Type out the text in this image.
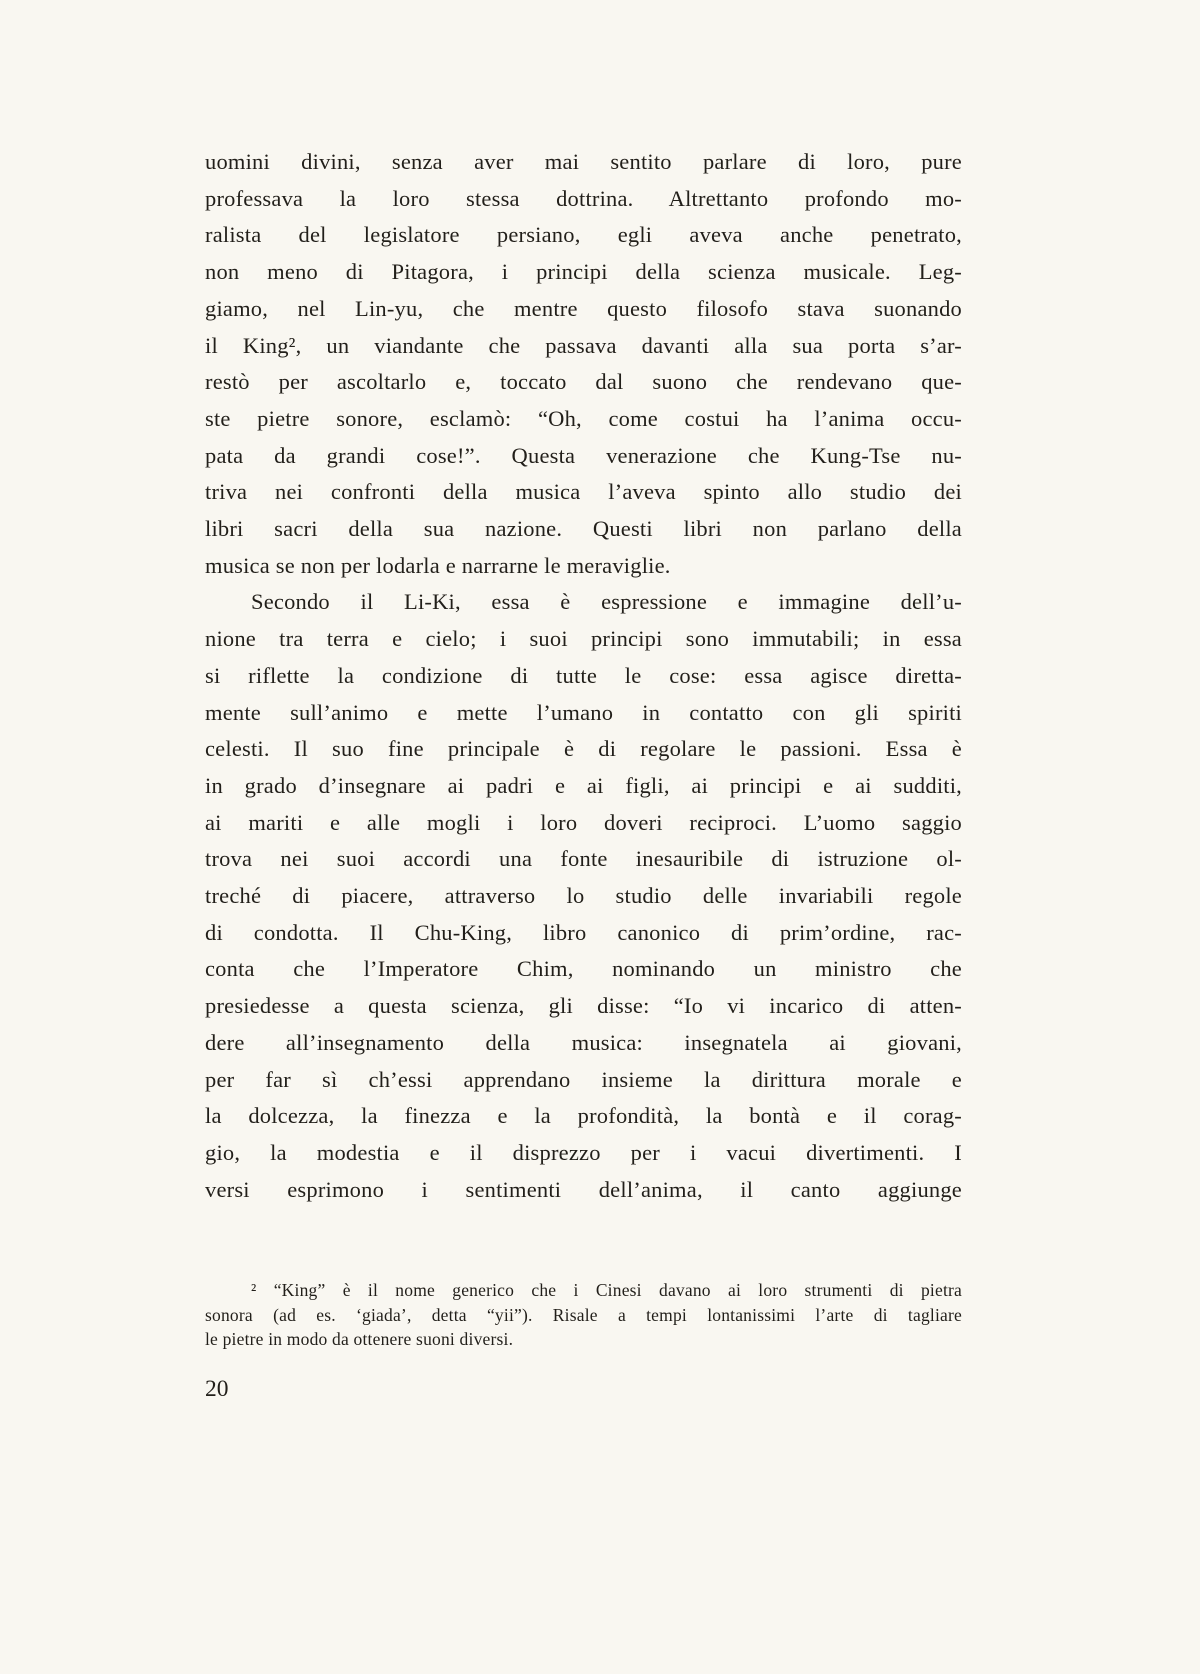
uomini divini, senza aver mai sentito parlare di loro, pure
professava la loro stessa dottrina. Altrettanto profondo mo-
ralista del legislatore persiano, egli aveva anche penetrato,
non meno di Pitagora, i principi della scienza musicale. Leg-
giamo, nel Lin-yu, che mentre questo filosofo stava suonando
il King², un viandante che passava davanti alla sua porta s’ar-
restò per ascoltarlo e, toccato dal suono che rendevano que-
ste pietre sonore, esclamò: “Oh, come costui ha l’anima occu-
pata da grandi cose!”. Questa venerazione che Kung-Tse nu-
triva nei confronti della musica l’aveva spinto allo studio dei
libri sacri della sua nazione. Questi libri non parlano della
musica se non per lodarla e narrarne le meraviglie.
Secondo il Li-Ki, essa è espressione e immagine dell’u-
nione tra terra e cielo; i suoi principi sono immutabili; in essa
si riflette la condizione di tutte le cose: essa agisce diretta-
mente sull’animo e mette l’umano in contatto con gli spiriti
celesti. Il suo fine principale è di regolare le passioni. Essa è
in grado d’insegnare ai padri e ai figli, ai principi e ai sudditi,
ai mariti e alle mogli i loro doveri reciproci. L’uomo saggio
trova nei suoi accordi una fonte inesauribile di istruzione ol-
treché di piacere, attraverso lo studio delle invariabili regole
di condotta. Il Chu-King, libro canonico di prim’ordine, rac-
conta che l’Imperatore Chim, nominando un ministro che
presiedesse a questa scienza, gli disse: “Io vi incarico di atten-
dere all’insegnamento della musica: insegnatela ai giovani,
per far sì ch’essi apprendano insieme la dirittura morale e
la dolcezza, la finezza e la profondità, la bontà e il corag-
gio, la modestia e il disprezzo per i vacui divertimenti. I
versi esprimono i sentimenti dell’anima, il canto aggiunge
² “King” è il nome generico che i Cinesi davano ai loro strumenti di pietra
sonora (ad es. ‘giada’, detta “yii”). Risale a tempi lontanissimi l’arte di tagliare
le pietre in modo da ottenere suoni diversi.
20
